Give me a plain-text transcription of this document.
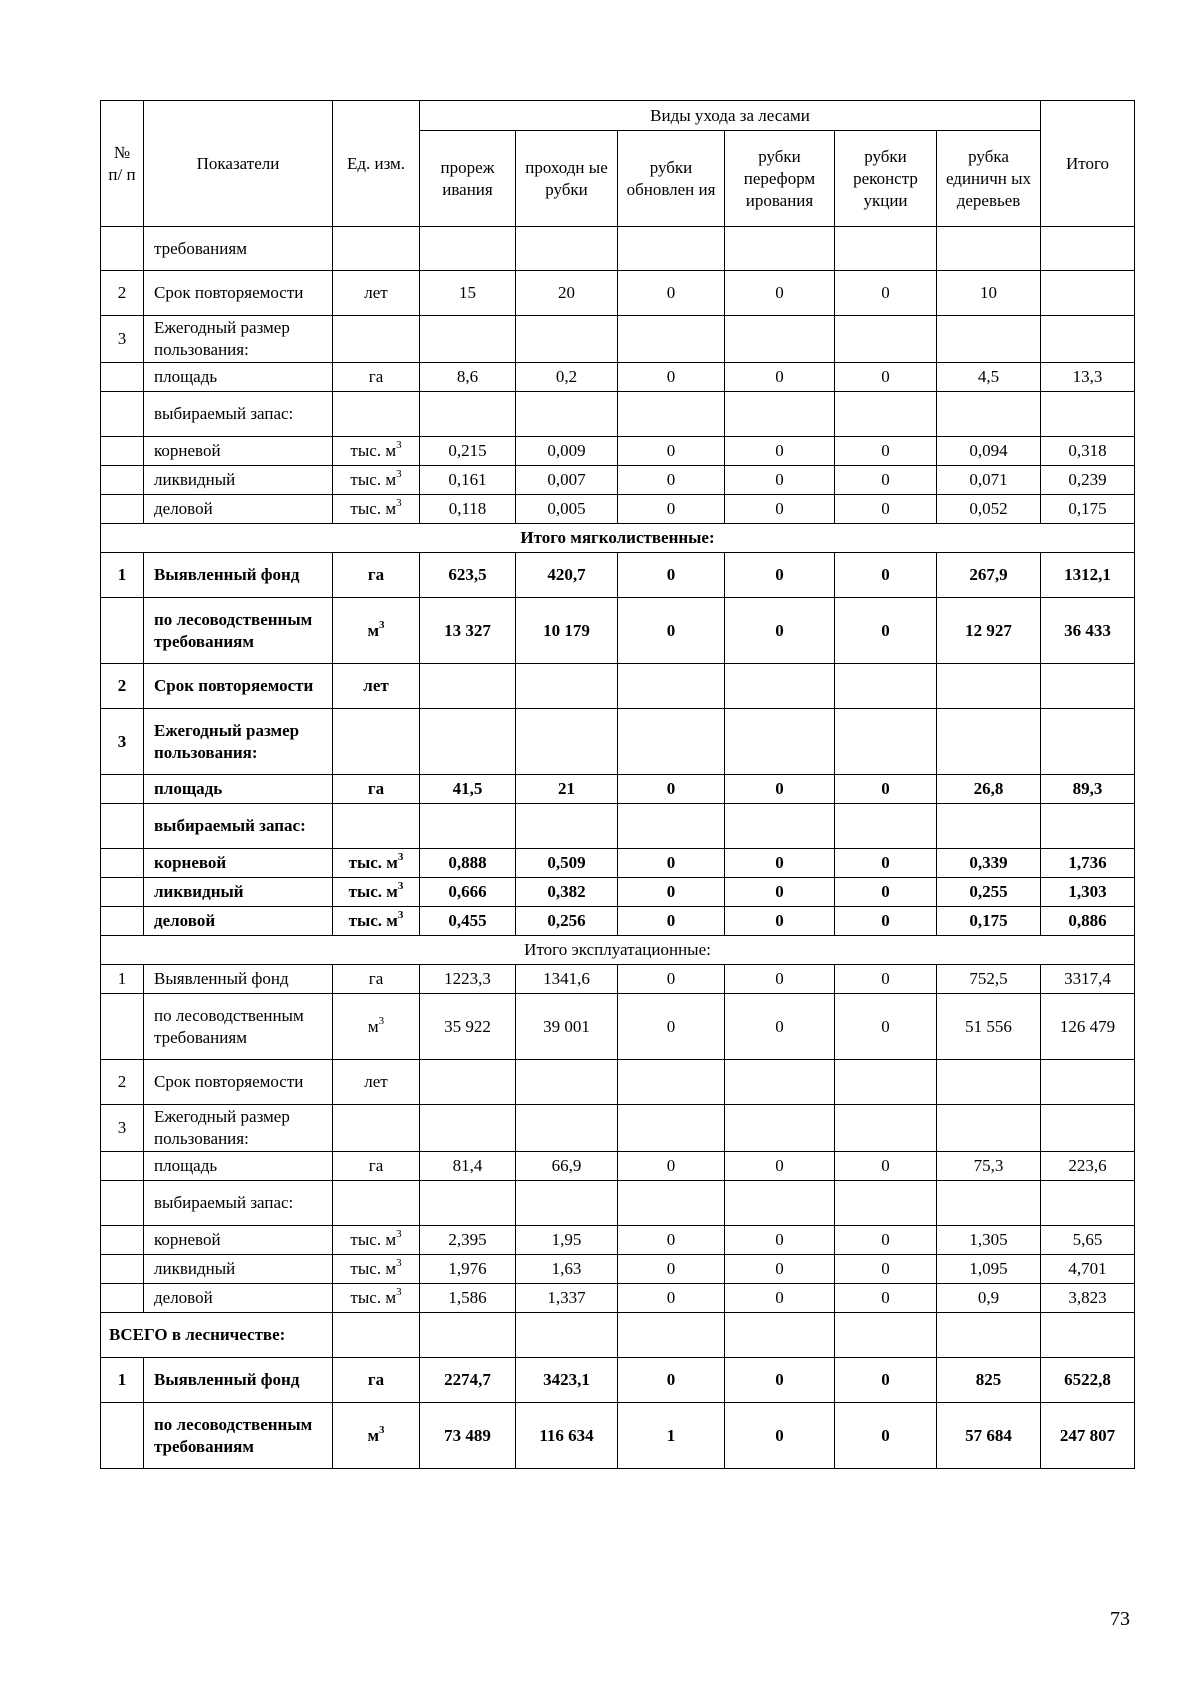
№ п/ п	Показатели	Ед. изм.	Виды ухода за лесами						Итого
			прореж ивания	проходн ые рубки	рубки обновлен ия	рубки переформ ирования	рубки реконстр укции	рубка единичн ых деревьев	
	требованиям								
2	Срок повторяемости	лет	15	20	0	0	0	10	
3	Ежегодный размер пользования:								
	площадь	га	8,6	0,2	0	0	0	4,5	13,3
	выбираемый запас:								
	корневой	тыс. $м^3$	0,215	0,009	0	0	0	0,094	0,318
	ликвидный	тыс. $м^3$	0,161	0,007	0	0	0	0,071	0,239
	деловой	тыс. $м^3$	0,118	0,005	0	0	0	0,052	0,175
Итого мягколиственные:									
1	Выявленный фонд	га	623,5	420,7	0	0	0	267,9	1312,1
	по лесоводственным требованиям	$м^3$	13 327	10 179	0	0	0	12 927	36 433
2	Срок повторяемости	лет							
3	Ежегодный размер пользования:								
	площадь	га	41,5	21	0	0	0	26,8	89,3
	выбираемый запас:								
	корневой	тыс. $м^3$	0,888	0,509	0	0	0	0,339	1,736
	ликвидный	тыс. $м^3$	0,666	0,382	0	0	0	0,255	1,303
	деловой	тыс. $м^3$	0,455	0,256	0	0	0	0,175	0,886
Итого эксплуатационные:									
1	Выявленный фонд	га	1223,3	1341,6	0	0	0	752,5	3317,4
	по лесоводственным требованиям	$м^3$	35 922	39 001	0	0	0	51 556	126 479
2	Срок повторяемости	лет							
3	Ежегодный размер пользования:								
	площадь	га	81,4	66,9	0	0	0	75,3	223,6
	выбираемый запас:								
	корневой	тыс. $м^3$	2,395	1,95	0	0	0	1,305	5,65
	ликвидный	тыс. $м^3$	1,976	1,63	0	0	0	1,095	4,701
	деловой	тыс. $м^3$	1,586	1,337	0	0	0	0,9	3,823
ВСЕГО в лесничестве:									
1	Выявленный фонд	га	2274,7	3423,1	0	0	0	825	6522,8
	по лесоводственным требованиям	$м^3$	73 489	116 634	1	0	0	57 684	247 807
73
